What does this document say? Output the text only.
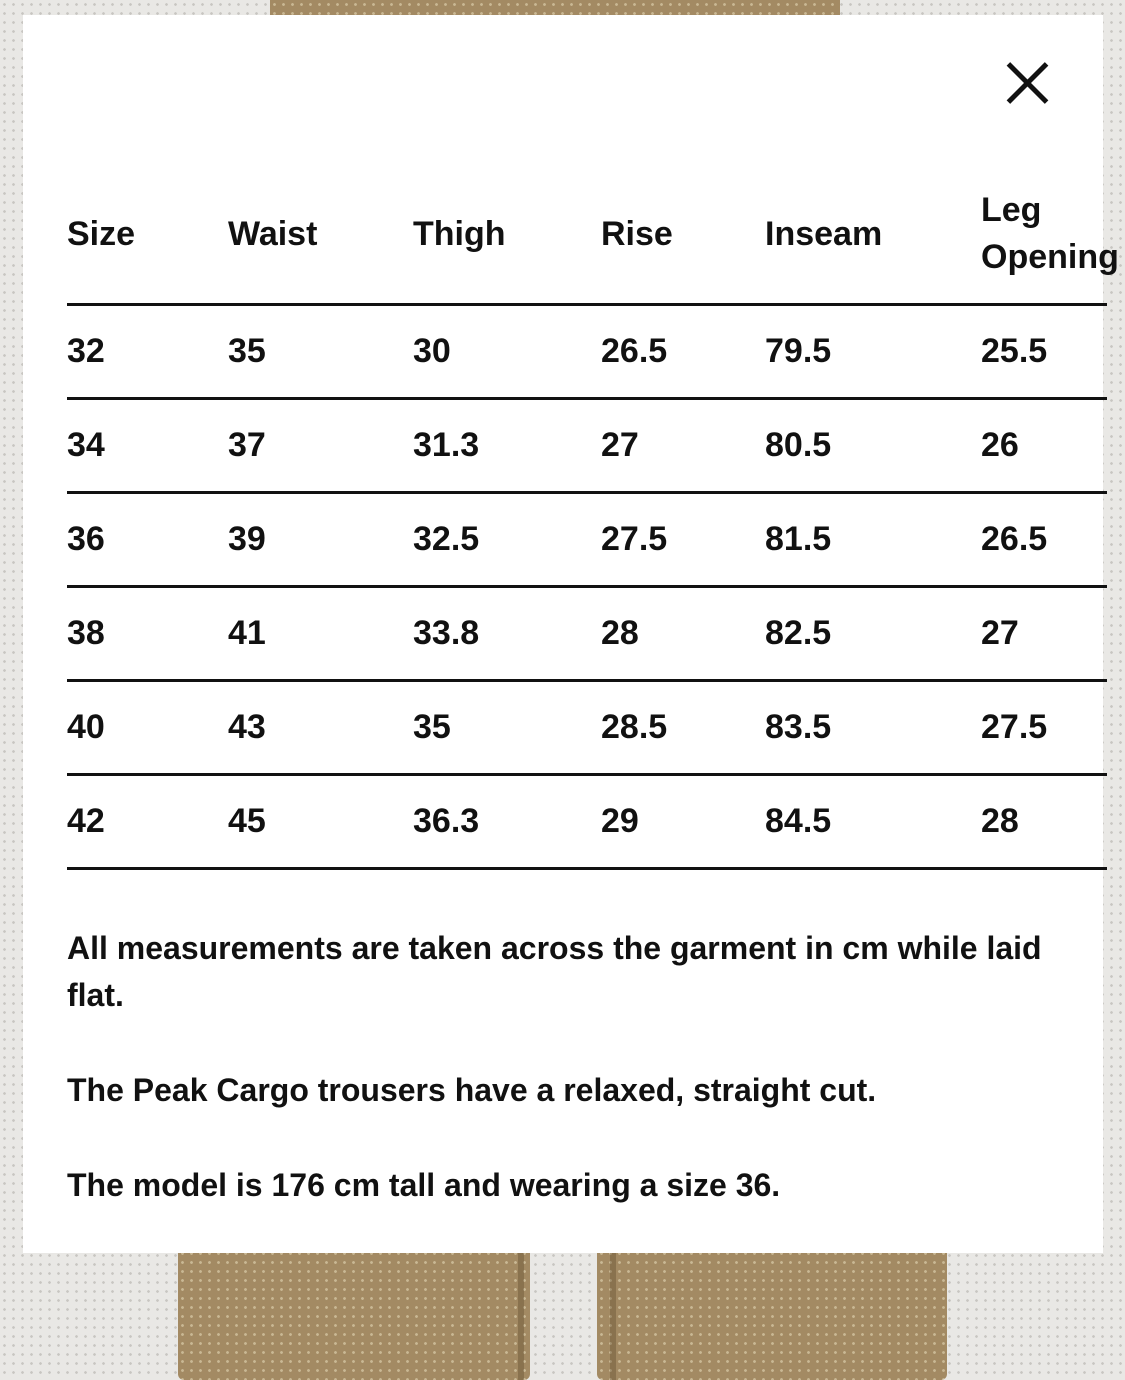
Size	Waist	Thigh	Rise	Inseam	Leg Opening

32	35	30	26.5	79.5	25.5
34	37	31.3	27	80.5	26
36	39	32.5	27.5	81.5	26.5
38	41	33.8	28	82.5	27
40	43	35	28.5	83.5	27.5
42	45	36.3	29	84.5	28

All measurements are taken across the garment in cm while laid flat.

The Peak Cargo trousers have a relaxed, straight cut.

The model is 176 cm tall and wearing a size 36.
